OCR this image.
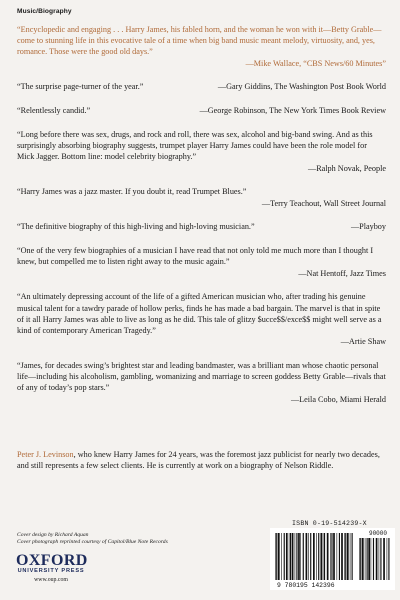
Music/Biography
“Encyclopedic and engaging . . . Harry James, his fabled horn, and the woman he won with it—Betty Grable—come to stunning life in this evocative tale of a time when big band music meant melody, virtuosity, and, yes, romance. Those were the good old days.”
—Mike Wallace, “CBS News/60 Minutes”
“The surprise page-turner of the year.”	—Gary Giddins, The Washington Post Book World
“Relentlessly candid.”	—George Robinson, The New York Times Book Review
“Long before there was sex, drugs, and rock and roll, there was sex, alcohol and big-band swing. And as this surprisingly absorbing biography suggests, trumpet player Harry James could have been the role model for Mick Jagger. Bottom line: model celebrity biography.”
—Ralph Novak, People
“Harry James was a jazz master. If you doubt it, read Trumpet Blues.”
—Terry Teachout, Wall Street Journal
“The definitive biography of this high-living and high-loving musician.”	—Playboy
“One of the very few biographies of a musician I have read that not only told me much more than I thought I knew, but compelled me to listen right away to the music again.”
—Nat Hentoff, Jazz Times
“An ultimately depressing account of the life of a gifted American musician who, after trading his genuine musical talent for a tawdry parade of hollow perks, finds he has made a bad bargain. The marvel is that in spite of it all Harry James was able to live as long as he did. This tale of glitzy $ucce$$/exce$$ might well serve as a kind of contemporary American Tragedy.”
—Artie Shaw
“James, for decades swing’s brightest star and leading bandmaster, was a brilliant man whose chaotic personal life—including his alcoholism, gambling, womanizing and marriage to screen goddess Betty Grable—rivals that of any of today’s pop stars.”
—Leila Cobo, Miami Herald
Peter J. Levinson, who knew Harry James for 24 years, was the foremost jazz publicist for nearly two decades, and still represents a few select clients. He is currently at work on a biography of Nelson Riddle.
Cover design by Richard Aquan
Cover photograph reprinted courtesy of Capitol/Blue Note Records
OXFORD
UNIVERSITY PRESS
www.oup.com
ISBN 0-19-514239-X
9 780195 142396
90000
